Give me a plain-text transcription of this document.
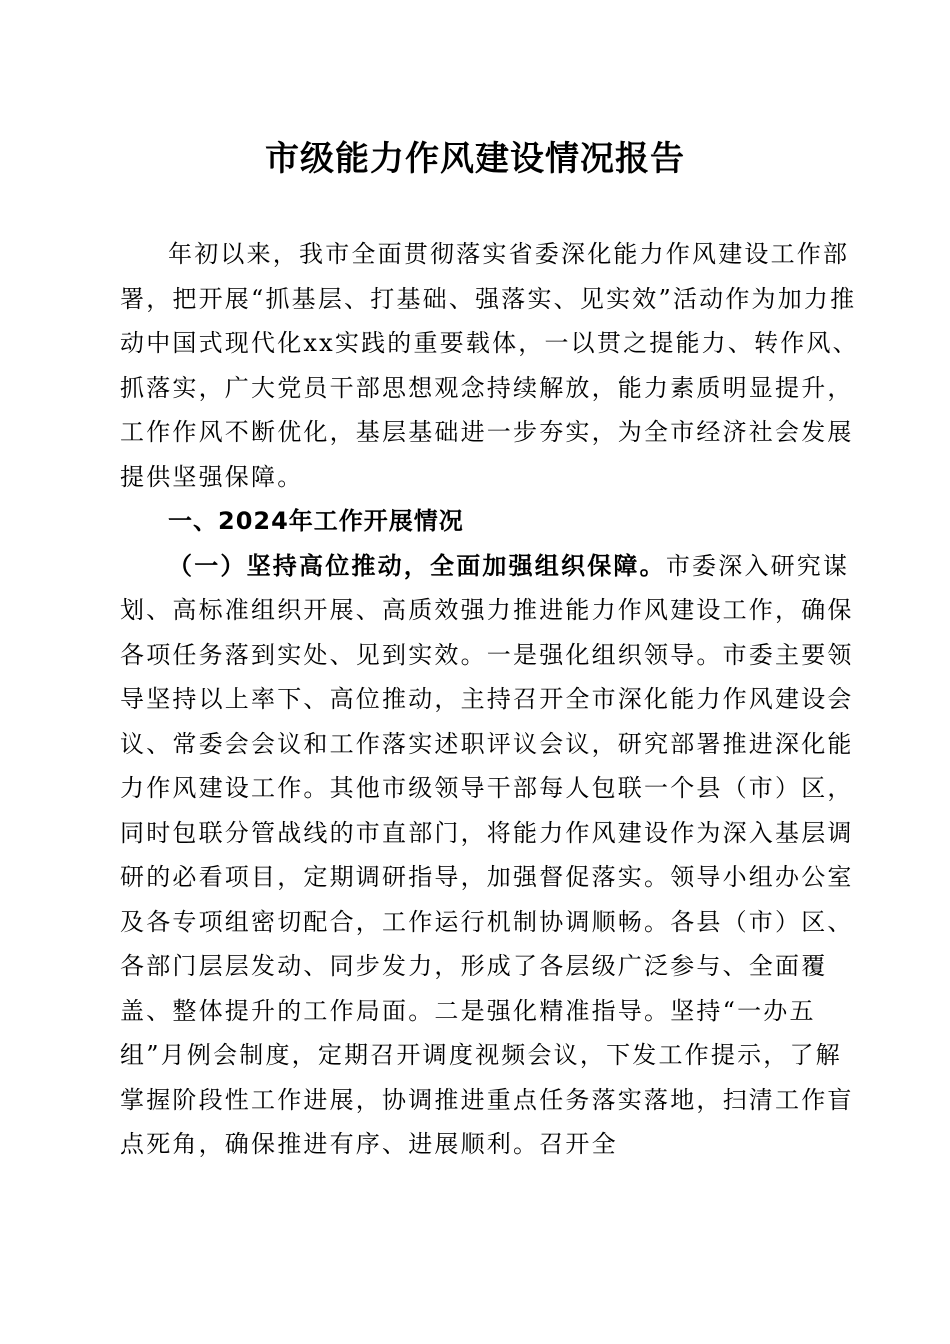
市级能力作风建设情况报告

年初以来，我市全面贯彻落实省委深化能力作风建设工作部署，把开展“抓基层、打基础、强落实、见实效”活动作为加力推动中国式现代化xx实践的重要载体，一以贯之提能力、转作风、抓落实，广大党员干部思想观念持续解放，能力素质明显提升，工作作风不断优化，基层基础进一步夯实，为全市经济社会发展提供坚强保障。

一、2024年工作开展情况

（一）坚持高位推动，全面加强组织保障。市委深入研究谋划、高标准组织开展、高质效强力推进能力作风建设工作，确保各项任务落到实处、见到实效。一是强化组织领导。市委主要领导坚持以上率下、高位推动，主持召开全市深化能力作风建设会议、常委会会议和工作落实述职评议会议，研究部署推进深化能力作风建设工作。其他市级领导干部每人包联一个县（市）区，同时包联分管战线的市直部门，将能力作风建设作为深入基层调研的必看项目，定期调研指导，加强督促落实。领导小组办公室及各专项组密切配合，工作运行机制协调顺畅。各县（市）区、各部门层层发动、同步发力，形成了各层级广泛参与、全面覆盖、整体提升的工作局面。二是强化精准指导。坚持“一办五组”月例会制度，定期召开调度视频会议，下发工作提示，了解掌握阶段性工作进展，协调推进重点任务落实落地，扫清工作盲点死角，确保推进有序、进展顺利。召开全
